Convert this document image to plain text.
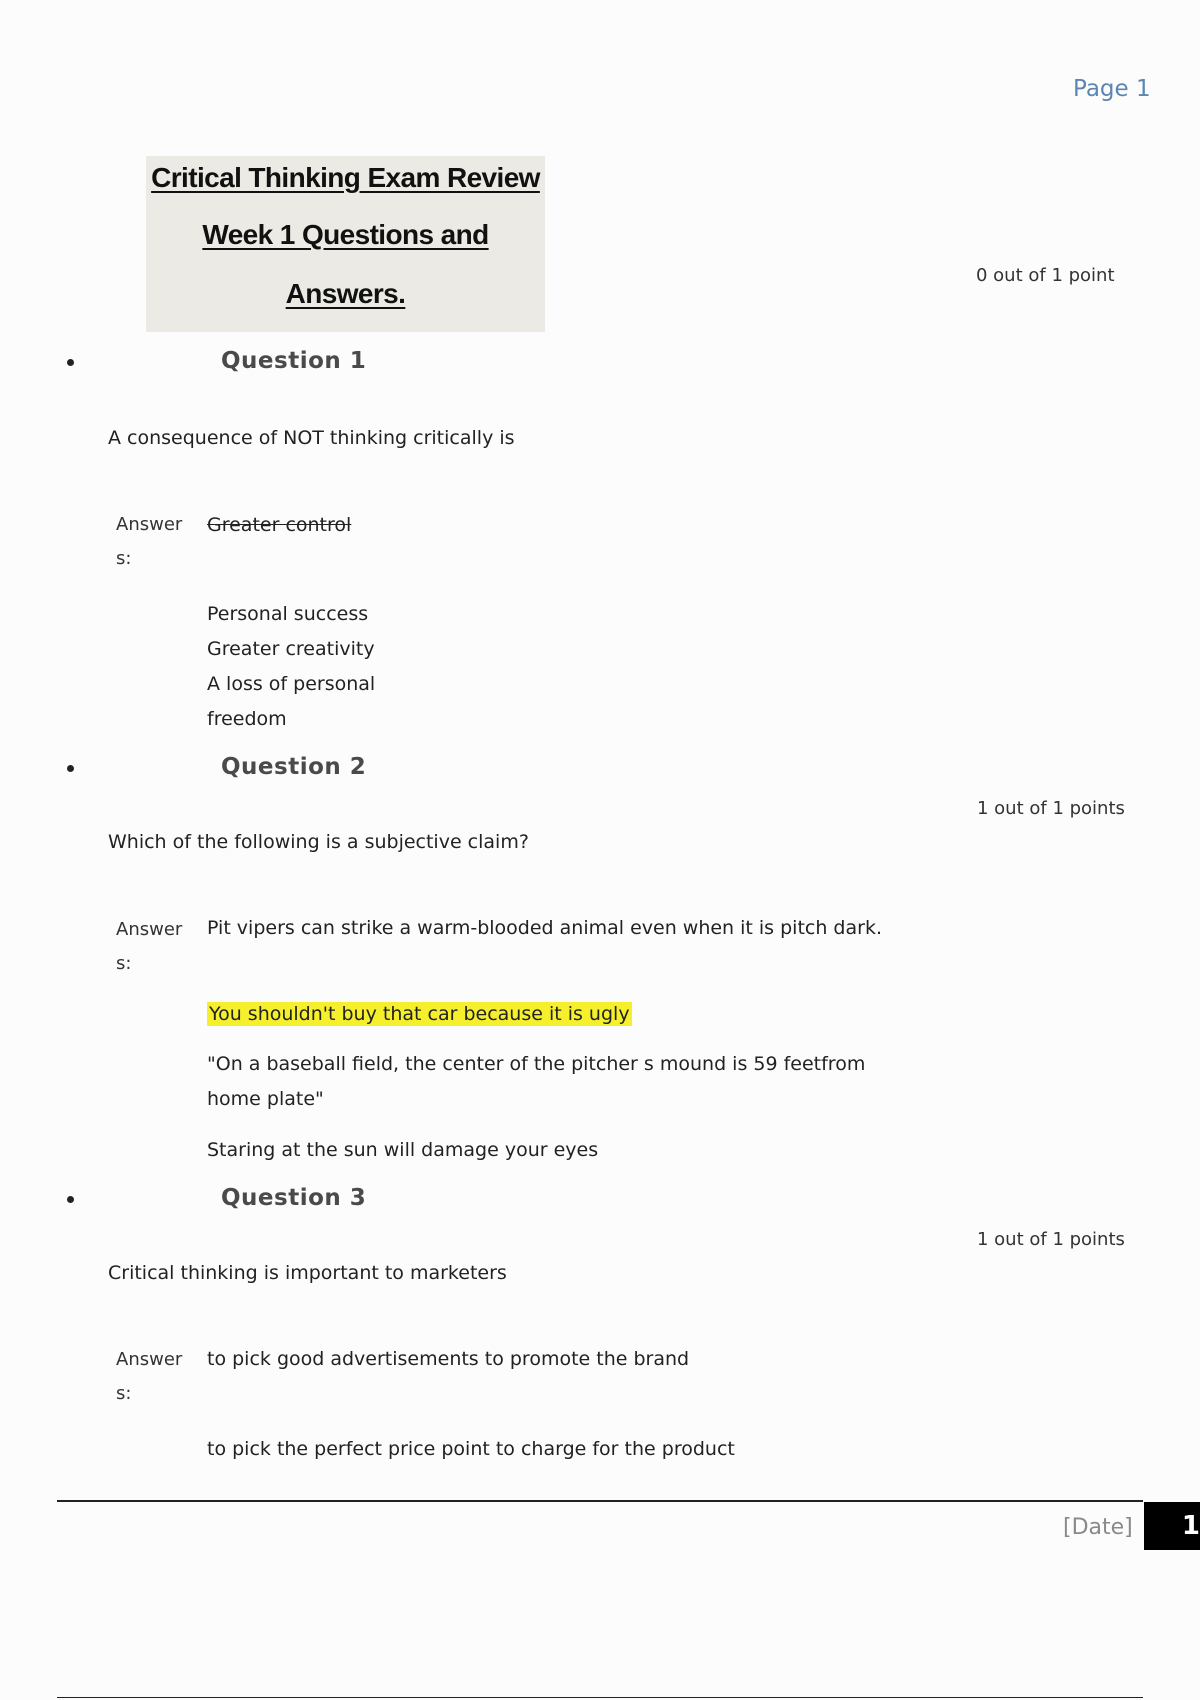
Page 1
Critical Thinking Exam Review
Week 1 Questions and
Answers.
0 out of 1 point
Question 1
A consequence of NOT thinking critically is
Answer s:
Greater control
Personal success
Greater creativity
A loss of personal freedom
Question 2
1 out of 1 points
Which of the following is a subjective claim?
Answer s:
Pit vipers can strike a warm-blooded animal even when it is pitch dark.
You shouldn't buy that car because it is ugly
"On a baseball field, the center of the pitcher s mound is 59 feetfrom home plate"
Staring at the sun will damage your eyes
Question 3
1 out of 1 points
Critical thinking is important to marketers
Answer s:
to pick good advertisements to promote the brand
to pick the perfect price point to charge for the product
[Date]	1
